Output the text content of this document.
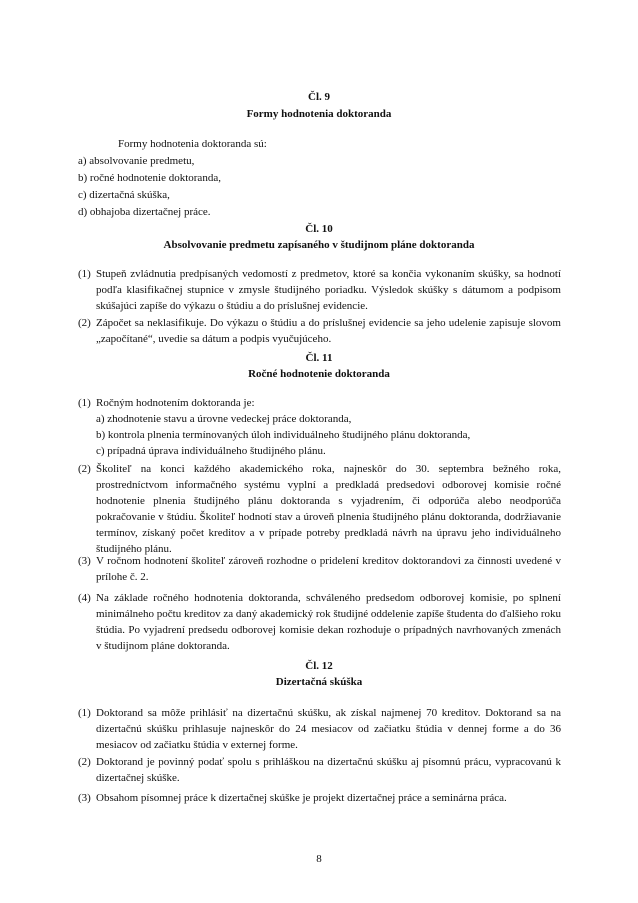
Čl. 9
Formy hodnotenia doktoranda
Formy hodnotenia doktoranda sú:
a) absolvovanie predmetu,
b) ročné hodnotenie doktoranda,
c) dizertačná skúška,
d) obhajoba dizertačnej práce.
Čl. 10
Absolvovanie predmetu zapísaného v študijnom pláne doktoranda
(1) Stupeň zvládnutia predpísaných vedomostí z predmetov, ktoré sa končia vykonaním skúšky, sa hodnotí podľa klasifikačnej stupnice v zmysle študijného poriadku. Výsledok skúšky s dátumom a podpisom skúšajúci zapíše do výkazu o štúdiu a do príslušnej evidencie.
(2) Zápočet sa neklasifikuje. Do výkazu o štúdiu a do príslušnej evidencie sa jeho udelenie zapisuje slovom „započítané“, uvedie sa dátum a podpis vyučujúceho.
Čl. 11
Ročné hodnotenie doktoranda
(1) Ročným hodnotením doktoranda je:
a) zhodnotenie stavu a úrovne vedeckej práce doktoranda,
b) kontrola plnenia termínovaných úloh individuálneho študijného plánu doktoranda,
c) prípadná úprava individuálneho študijného plánu.
(2) Školiteľ na konci každého akademického roka, najneskôr do 30. septembra bežného roka, prostredníctvom informačného systému vyplní a predkladá predsedovi odborovej komisie ročné hodnotenie plnenia študijného plánu doktoranda s vyjadrením, či odporúča alebo neodporúča pokračovanie v štúdiu. Školiteľ hodnotí stav a úroveň plnenia študijného plánu doktoranda, dodržiavanie termínov, získaný počet kreditov a v prípade potreby predkladá návrh na úpravu jeho individuálneho študijného plánu.
(3) V ročnom hodnotení školiteľ zároveň rozhodne o pridelení kreditov doktorandovi za činnosti uvedené v prílohe č. 2.
(4) Na základe ročného hodnotenia doktoranda, schváleného predsedom odborovej komisie, po splnení minimálneho počtu kreditov za daný akademický rok študijné oddelenie zapíše študenta do ďalšieho roku štúdia. Po vyjadrení predsedu odborovej komisie dekan rozhoduje o prípadných navrhovaných zmenách v študijnom pláne doktoranda.
Čl. 12
Dizertačná skúška
(1) Doktorand sa môže prihlásiť na dizertačnú skúšku, ak získal najmenej 70 kreditov. Doktorand sa na dizertačnú skúšku prihlasuje najneskôr do 24 mesiacov od začiatku štúdia v dennej forme a do 36 mesiacov od začiatku štúdia v externej forme.
(2) Doktorand je povinný podať spolu s prihláškou na dizertačnú skúšku aj písomnú prácu, vypracovanú k dizertačnej skúške.
(3) Obsahom písomnej práce k dizertačnej skúške je projekt dizertačnej práce a seminárna práca.
8
